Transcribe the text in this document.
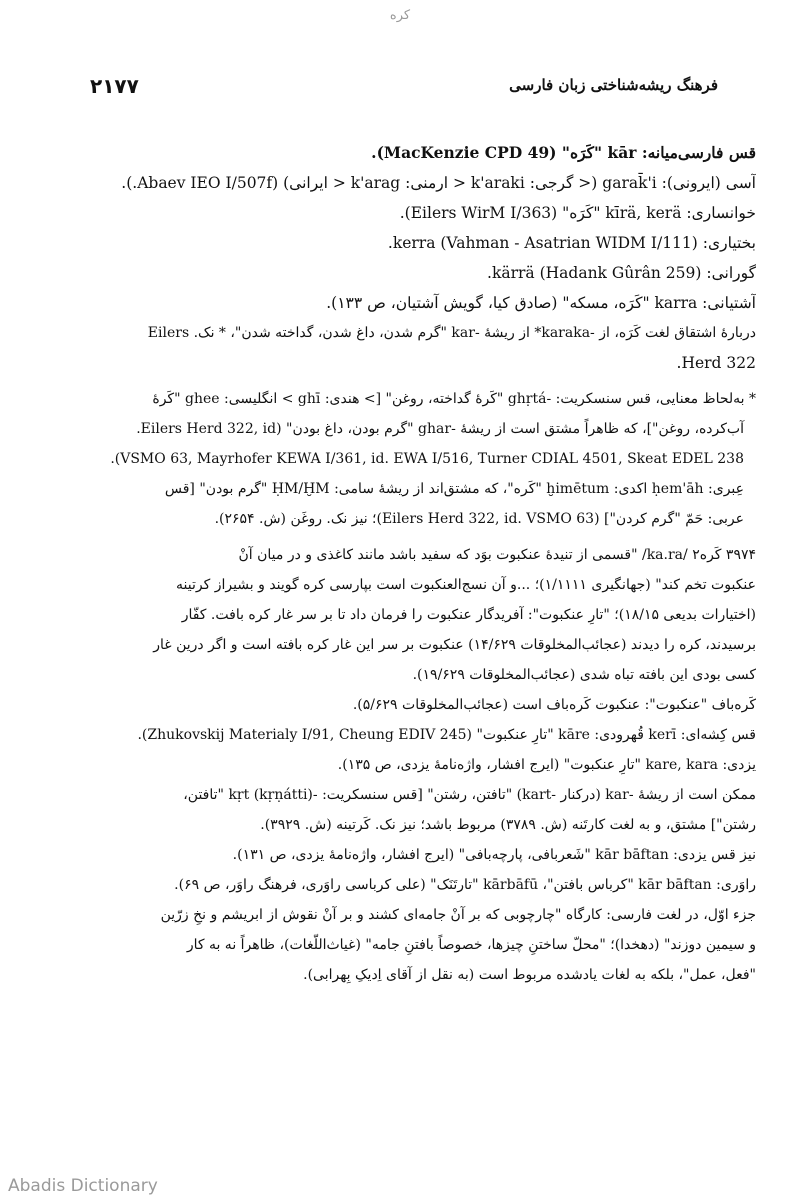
کره
۲۱۷۷	فرهنگ ریشه‌شناختی زبان فارسی
قس فارسی‌میانه: kār "کَرَه" (MacKenzie CPD 49).
آسی (ایرونی): garak̄'i (< گرجی: k'araki < ارمنی: k'arag < ایرانی) (Abaev IEO I/507f.).
خوانساری: kīrä, kerä "کَرَه" (Eilers WirM I/363).
بختیاری: kerra (Vahman - Asatrian WIDM I/111).
گورانی: kärrä (Hadank Gûrân 259).
آشتیانی: karra "کَرَه، مسکه" (صادق کیا، گویش آشتیان، ص ۱۳۳).
دربارهٔ اشتقاق لغت کَرَه، از -karaka* از ریشهٔ -kar "گرم شدن، داغ شدن، گداخته شدن"، * نک. Eilers
Herd 322.
* به‌لحاظ معنایی، قس سنسکریت: -ghṛtá "کَرهٔ گداخته، روغن" [> هندی: ghī > انگلیسی: ghee "کَرهٔ
آب‌کرده، روغن"]، که ظاهراً مشتق است از ریشهٔ -ghar "گرم بودن، داغ بودن" (Eilers Herd 322, id.
VSMO 63, Mayrhofer KEWA I/361, id. EWA I/516, Turner CDIAL 4501, Skeat EDEL 238).
عِبری: ḥem'āh اکدی: ḫimētum "کَره"، که مشتق‌اند از ریشهٔ سامی: ḤM/ḪM "گرم بودن" [قس
عربی: حَمّ "گرم کردن"] (Eilers Herd 322, id. VSMO 63)؛ نیز نک. روغَن (ش. ۲۶۵۴).
۳۹۷۴ کَره۲ /ka.ra/ "قسمی از تنیدهٔ عنکبوت بوَد که سفید باشد مانند کاغذی و در میان آنْ
عنکبوت تخم کند" (جهانگیری ۱/۱۱۱۱)؛ ...و آن نسج‌العنکبوت است بپارسی کره گویند و بشیراز کرتینه
(اختیارات بدیعی ۱۸/۱۵)؛ "تارِ عنکبوت": آفریدگار عنکبوت را فرمان داد تا بر سر غار کره بافت. کفّار
برسیدند، کره را دیدند (عجائب‌المخلوقات ۱۴/۶۲۹) عنکبوت بر سر این غار کره بافته است و اگر درین غار
کسی بودی این بافته تباه شدی (عجائب‌المخلوقات ۱۹/۶۲۹).
کَره‌باف "عنکبوت": عنکبوت کَره‌باف است (عجائب‌المخلوقات ۵/۶۲۹).
قس کِشه‌ای: kerī قُهرودی: kāre "تارِ عنکبوت" (Zhukovskij Materialy I/91, Cheung EDIV 245).
یزدی: kare, kara "تارِ عنکبوت" (ایرج افشار، واژه‌نامهٔ یزدی، ص ۱۳۵).
ممکن است از ریشهٔ -kar (درکنار -kart) "تافتن، رشتن" [قس سنسکریت: -kṛt (kṛṇátti) "تافتن،
رشتن"] مشتق، و به لغت کارتَنه (ش. ۳۷۸۹) مربوط باشد؛ نیز نک. کَرتینه (ش. ۳۹۲۹).
نیز قس یزدی: kār bāftan "شَعربافی، پارچه‌بافی" (ایرج افشار، واژه‌نامهٔ یزدی، ص ۱۳۱).
راوَری: kār bāftan "کرباس بافتن"، kārbāfū "تارتَنَک" (علی کرباسی راوَری، فرهنگ راوَر، ص ۶۹).
جزء اوّل، در لغت فارسی: کارگاه "چارچوبی که بر آنْ جامه‌ای کشند و بر آنْ نقوش از ابریشم و نخِ زرّین
و سیمین دوزند" (دهخدا)؛ "محلّ ساختنِ چیزها، خصوصاً بافتنِ جامه" (غیاث‌اللّغات)، ظاهراً نه به کار
"فعل، عمل"، بلکه به لغات یادشده مربوط است (به نقل از آقای اِدیکِ بِهرابی).
Abadis Dictionary
